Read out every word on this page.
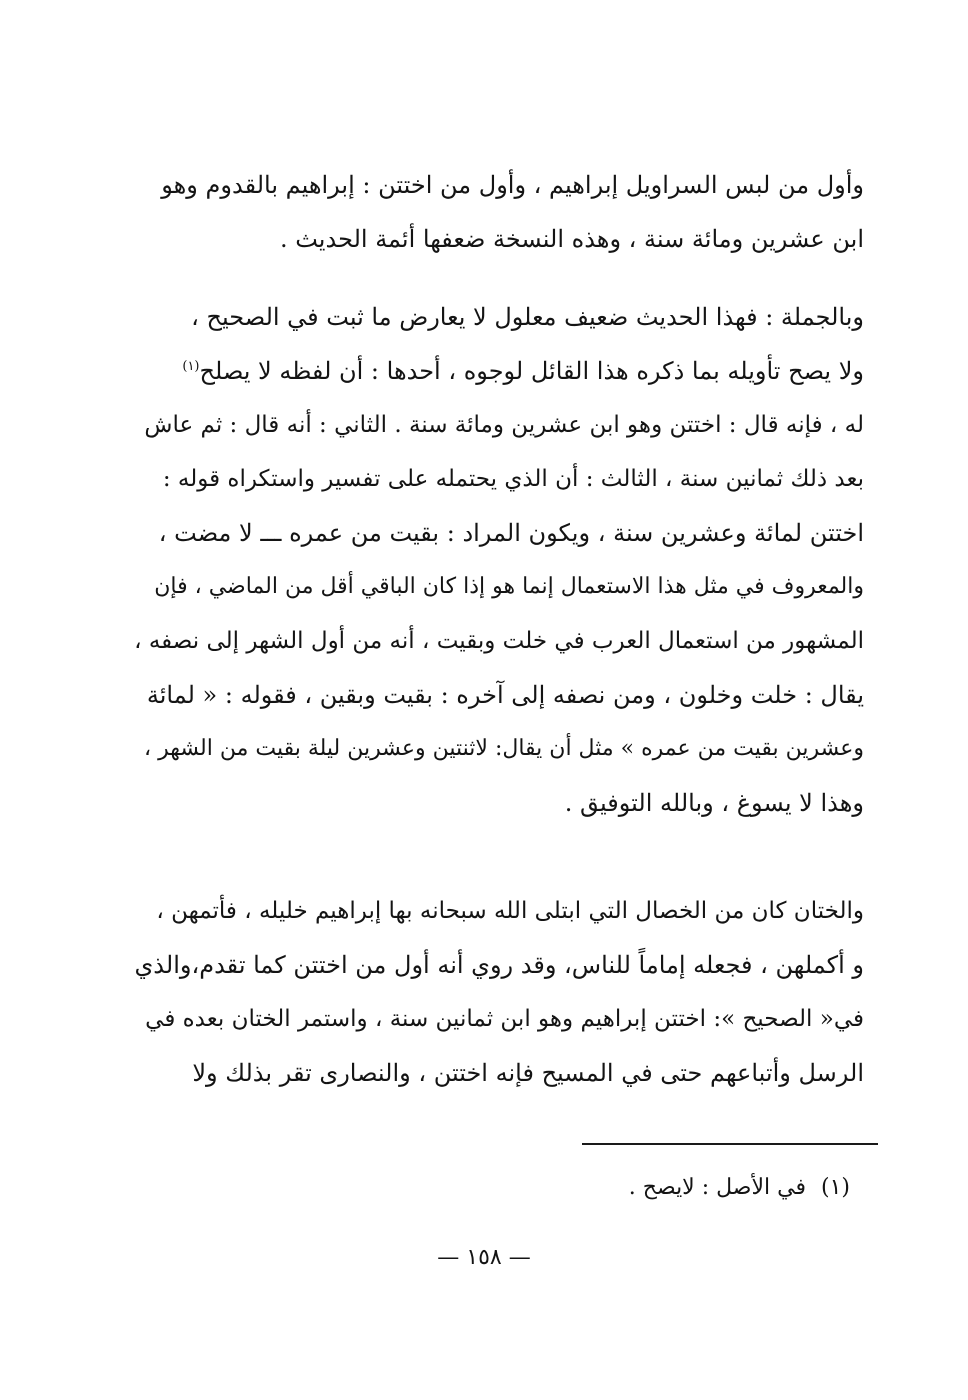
وأول من لبس السراويل إبراهيم ، وأول من اختتن : إبراهيم بالقدوم وهو
ابن عشرين ومائة سنة ، وهذه النسخة ضعفها أئمة الحديث .
وبالجملة : فهذا الحديث ضعيف معلول لا يعارض ما ثبت في الصحيح ،
ولا يصح تأويله بما ذكره هذا القائل لوجوه ، أحدها : أن لفظه لا يصلح$^{(١)}$
له ، فإنه قال : اختتن وهو ابن عشرين ومائة سنة . الثاني : أنه قال : ثم عاش
بعد ذلك ثمانين سنة ، الثالث : أن الذي يحتمله على تفسير واستكراه قوله :
اختتن لمائة وعشرين سنة ، ويكون المراد : بقيت من عمره ـــ لا مضت ،
والمعروف في مثل هذا الاستعمال إنما هو إذا كان الباقي أقل من الماضي ، فإن
المشهور من استعمال العرب في خلت وبقيت ، أنه من أول الشهر إلى نصفه ،
يقال : خلت وخلون ، ومن نصفه إلى آخره : بقيت وبقين ، فقوله : « لمائة
وعشرين بقيت من عمره » مثل أن يقال: لاثنتين وعشرين ليلة بقيت من الشهر ،
وهذا لا يسوغ ، وبالله التوفيق .
والختان كان من الخصال التي ابتلى الله سبحانه بها إبراهيم خليله ، فأتمهن ،
و أكملهن ، فجعله إماماً للناس، وقد روي أنه أول من اختتن كما تقدم،والذي
في« الصحيح »: اختتن إبراهيم وهو ابن ثمانين سنة ، واستمر الختان بعده في
الرسل وأتباعهم حتى في المسيح فإنه اختتن ، والنصارى تقر بذلك ولا
(١) في الأصل : لايصح .
— ١٥٨ —
